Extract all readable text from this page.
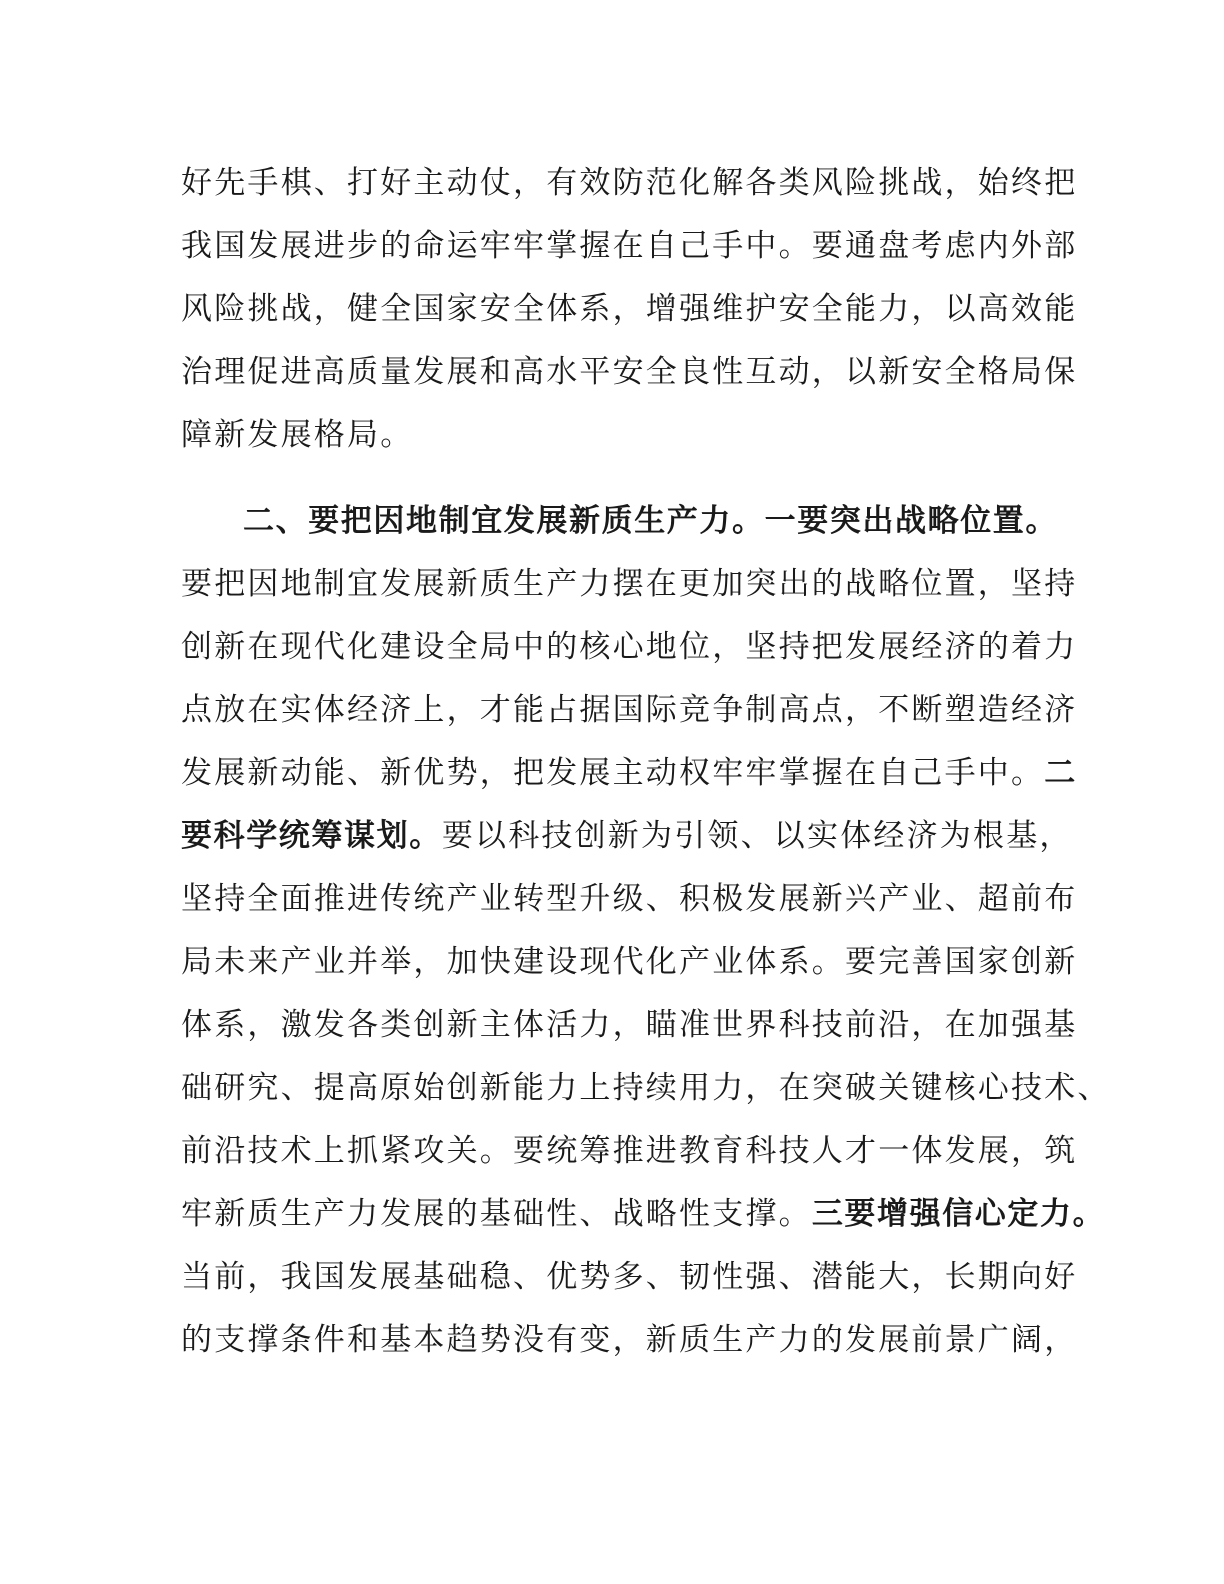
好先手棋、打好主动仗，有效防范化解各类风险挑战，始终把
我国发展进步的命运牢牢掌握在自己手中。要通盘考虑内外部
风险挑战，健全国家安全体系，增强维护安全能力，以高效能
治理促进高质量发展和高水平安全良性互动，以新安全格局保
障新发展格局。
二、要把因地制宜发展新质生产力。一要突出战略位置。
要把因地制宜发展新质生产力摆在更加突出的战略位置，坚持
创新在现代化建设全局中的核心地位，坚持把发展经济的着力
点放在实体经济上，才能占据国际竞争制高点，不断塑造经济
发展新动能、新优势，把发展主动权牢牢掌握在自己手中。二
要科学统筹谋划。要以科技创新为引领、以实体经济为根基，
坚持全面推进传统产业转型升级、积极发展新兴产业、超前布
局未来产业并举，加快建设现代化产业体系。要完善国家创新
体系，激发各类创新主体活力，瞄准世界科技前沿，在加强基
础研究、提高原始创新能力上持续用力，在突破关键核心技术、
前沿技术上抓紧攻关。要统筹推进教育科技人才一体发展，筑
牢新质生产力发展的基础性、战略性支撑。三要增强信心定力。
当前，我国发展基础稳、优势多、韧性强、潜能大，长期向好
的支撑条件和基本趋势没有变，新质生产力的发展前景广阔，
